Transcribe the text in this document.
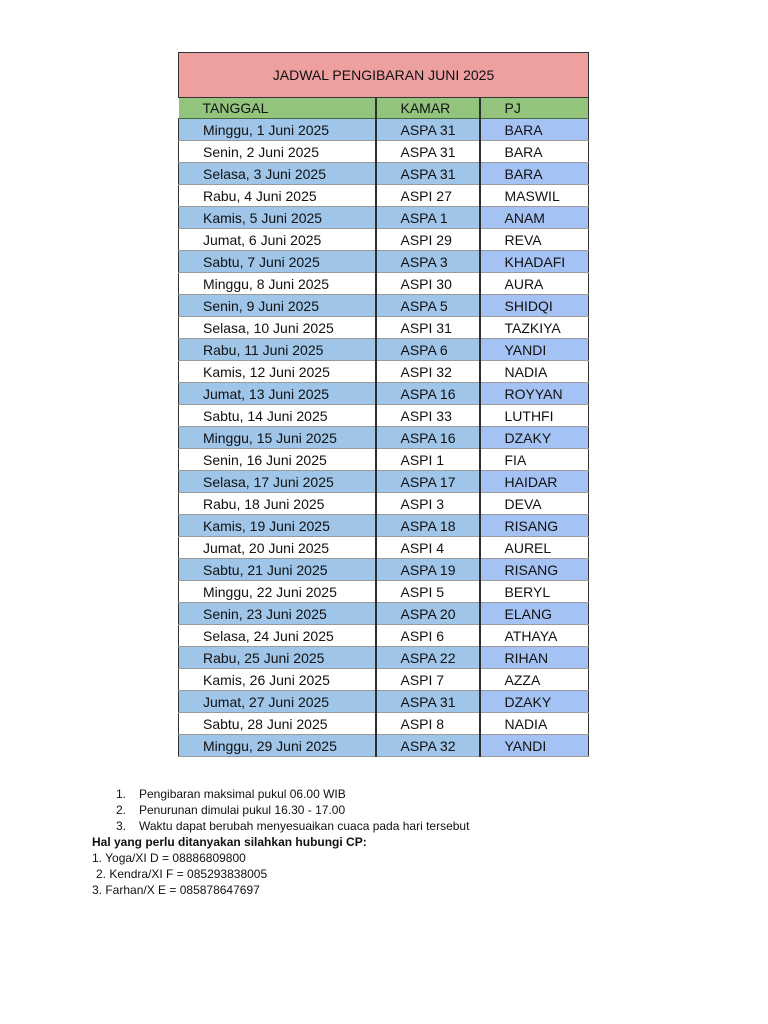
JADWAL PENGIBARAN JUNI 2025		
TANGGAL	KAMAR	PJ
Minggu, 1 Juni 2025	ASPA 31	BARA
Senin, 2 Juni 2025	ASPA 31	BARA
Selasa, 3 Juni 2025	ASPA 31	BARA
Rabu, 4 Juni 2025	ASPI 27	MASWIL
Kamis, 5 Juni 2025	ASPA 1	ANAM
Jumat, 6 Juni 2025	ASPI 29	REVA
Sabtu, 7 Juni 2025	ASPA 3	KHADAFI
Minggu, 8 Juni 2025	ASPI 30	AURA
Senin, 9 Juni 2025	ASPA 5	SHIDQI
Selasa, 10 Juni 2025	ASPI 31	TAZKIYA
Rabu, 11 Juni 2025	ASPA 6	YANDI
Kamis, 12 Juni 2025	ASPI 32	NADIA
Jumat, 13 Juni 2025	ASPA 16	ROYYAN
Sabtu, 14 Juni 2025	ASPI 33	LUTHFI
Minggu, 15 Juni 2025	ASPA 16	DZAKY
Senin, 16 Juni 2025	ASPI 1	FIA
Selasa, 17 Juni 2025	ASPA 17	HAIDAR
Rabu, 18 Juni 2025	ASPI 3	DEVA
Kamis, 19 Juni 2025	ASPA 18	RISANG
Jumat, 20 Juni 2025	ASPI 4	AUREL
Sabtu, 21 Juni 2025	ASPA 19	RISANG
Minggu, 22 Juni 2025	ASPI 5	BERYL
Senin, 23 Juni 2025	ASPA 20	ELANG
Selasa, 24 Juni 2025	ASPI 6	ATHAYA
Rabu, 25 Juni 2025	ASPA 22	RIHAN
Kamis, 26 Juni 2025	ASPI 7	AZZA
Jumat, 27 Juni 2025	ASPA 31	DZAKY
Sabtu, 28 Juni 2025	ASPI 8	NADIA
Minggu, 29 Juni 2025	ASPA 32	YANDI
1. Pengibaran maksimal pukul 06.00 WIB
2. Penurunan dimulai pukul 16.30 - 17.00
3. Waktu dapat berubah menyesuaikan cuaca pada hari tersebut
Hal yang perlu ditanyakan silahkan hubungi CP:
1. Yoga/XI D = 08886809800
2. Kendra/XI F = 085293838005
3. Farhan/X E = 085878647697
